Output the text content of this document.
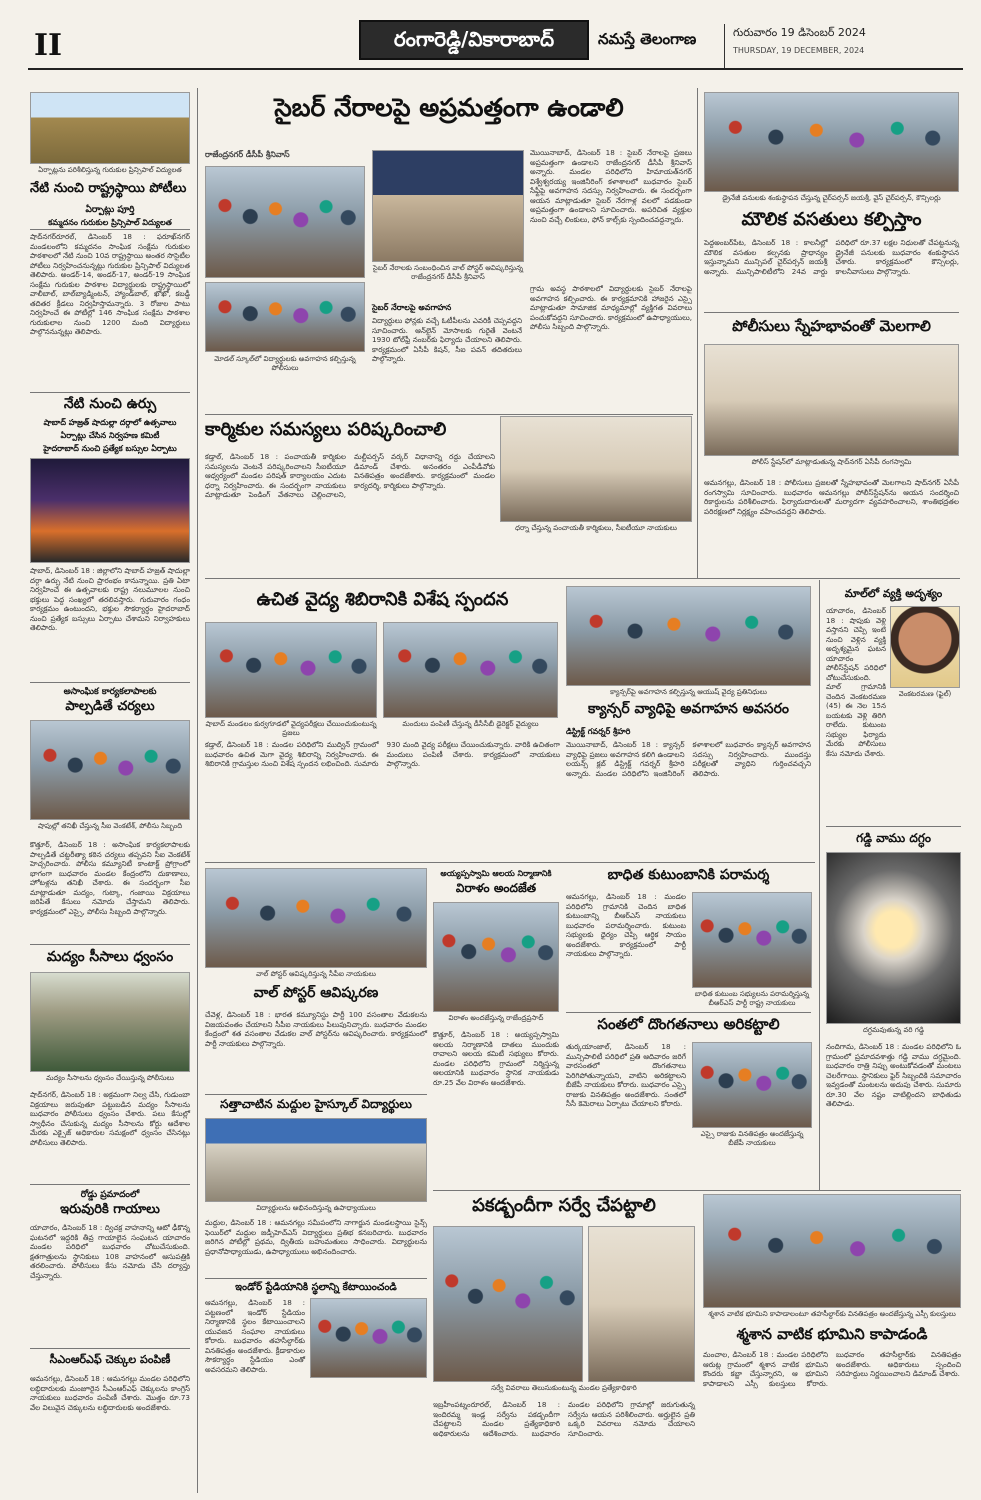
II	రంగారెడ్డి/వికారాబాద్	నమస్తే తెలంగాణ	గురువారం 19 డిసెంబర్ 2024
THURSDAY, 19 DECEMBER, 2024
ఏర్పాట్లను పరిశీలిస్తున్న గురుకుల ప్రిన్సిపాల్ విద్యులత
నేటి నుంచి రాష్ట్రస్థాయి పోటీలు
ఏర్పాట్లు పూర్తి
కమ్మదనం గురుకుల ప్రిన్సిపాల్ విద్యులత
షాద్‌నగర్‌రూరల్, డిసెంబర్ 18 : ఫరూఖ్‌నగర్ మండలంలోని కమ్మదనం సాంఘిక సంక్షేమ గురుకుల పాఠశాలలో నేటి నుంచి 10వ రాష్ట్రస్థాయి అంతర సొసైటీల పోటీలు నిర్వహించనున్నట్లు గురుకుల ప్రిన్సిపాల్ విద్యులత తెలిపారు. అండర్-14, అండర్-17, అండర్-19 సాంఘిక సంక్షేమ గురుకుల పాఠశాల విద్యార్థులకు రాష్ట్రస్థాయిలో వాలీబాల్, బాల్‌బ్యాడ్మింటన్, హ్యాండ్‌బాల్, ఖోఖో, కబడ్డీ తదితర క్రీడలు నిర్వహిస్తామన్నారు. 3 రోజుల పాటు నిర్వహించే ఈ పోటీల్లో 146 సాంఘిక సంక్షేమ పాఠశాల గురుకులాల నుంచి 1200 మంది విద్యార్థులు పాల్గొననున్నట్లు తెలిపారు.
నేటి నుంచి ఉర్సు
షాబాద్ హజ్రత్ షాదుల్లా దర్గాలో ఉత్సవాలు
ఏర్పాట్లు చేసిన నిర్వహణ కమిటీ
హైదరాబాద్ నుంచి ప్రత్యేక బస్సుల ఏర్పాటు
షాబాద్, డిసెంబర్ 18 : జిల్లాలోని షాబాద్ హజ్రత్ షాదుల్లా దర్గా ఉర్సు నేటి నుంచి ప్రారంభం కానున్నాయి. ప్రతి ఏటా నిర్వహించే ఈ ఉత్సవాలకు రాష్ట్ర నలుమూలల నుంచి భక్తులు పెద్ద సంఖ్యలో తరలివస్తారు. గురువారం గంధం కార్యక్రమం ఉంటుందని, భక్తుల సౌకర్యార్థం హైదరాబాద్ నుంచి ప్రత్యేక బస్సులు ఏర్పాటు చేశామని నిర్వాహకులు తెలిపారు.
అసాంఘిక కార్యకలాపాలకు
పాల్పడితే చర్యలు
షాపుల్లో తనిఖీ చేస్తున్న సీఐ వెంకటేశ్, పోలీసు సిబ్బంది
కొత్తూర్, డిసెంబర్ 18 : అసాంఘిక కార్యకలాపాలకు పాల్పడితే చట్టరీత్యా కఠిన చర్యలు తప్పవని సీఐ వెంకటేశ్ హెచ్చరించారు. పోలీసు కమ్యూనిటీ కాంటాక్ట్ ప్రోగ్రాంలో భాగంగా బుధవారం మండల కేంద్రంలోని దుకాణాలు, హోటళ్లను తనిఖీ చేశారు. ఈ సందర్భంగా సీఐ మాట్లాడుతూ మద్యం, గుట్కా, గంజాయి విక్రయాలు జరిపితే కేసులు నమోదు చేస్తామని తెలిపారు. కార్యక్రమంలో ఎస్సై, పోలీసు సిబ్బంది పాల్గొన్నారు.
మద్యం సీసాలు ధ్వంసం
మద్యం సీసాలను ధ్వంసం చేయిస్తున్న పోలీసులు
షాద్‌నగర్, డిసెంబర్ 18 : అక్రమంగా నిల్వ చేసి, గుడుంబా విక్రయాలు జరుపుతూ పట్టుబడిన మద్యం సీసాలను బుధవారం పోలీసులు ధ్వంసం చేశారు. పలు కేసుల్లో స్వాధీనం చేసుకున్న మద్యం సీసాలను కోర్టు ఆదేశాల మేరకు ఎక్సైజ్ అధికారుల సమక్షంలో ధ్వంసం చేసినట్లు పోలీసులు తెలిపారు.
రోడ్డు ప్రమాదంలో
ఇరువురికి గాయాలు
యాచారం, డిసెంబర్ 18 : ద్విచక్ర వాహనాన్ని ఆటో ఢీకొన్న ఘటనలో ఇద్దరికి తీవ్ర గాయాలైన సంఘటన యాచారం మండల పరిధిలో బుధవారం చోటుచేసుకుంది. క్షతగాత్రులను స్థానికులు 108 వాహనంలో ఆసుపత్రికి తరలించారు. పోలీసులు కేసు నమోదు చేసి దర్యాప్తు చేస్తున్నారు.
సీఎంఆర్‌ఎఫ్ చెక్కుల పంపిణీ
ఆమనగల్లు, డిసెంబర్ 18 : ఆమనగల్లు మండల పరిధిలోని లబ్ధిదారులకు మంజూరైన సీఎంఆర్‌ఎఫ్ చెక్కులను కాంగ్రెస్ నాయకులు బుధవారం పంపిణీ చేశారు. మొత్తం రూ.73 వేల విలువైన చెక్కులను లబ్ధిదారులకు అందజేశారు.
సైబర్ నేరాలపై అప్రమత్తంగా ఉండాలి
రాజేంద్రనగర్ డీసీపీ శ్రీనివాస్	మొయినాబాద్, డిసెంబర్ 18 : సైబర్ నేరాలపై ప్రజలు అప్రమత్తంగా ఉండాలని రాజేంద్రనగర్ డీసీపీ శ్రీనివాస్ అన్నారు. మండల పరిధిలోని హిమాయత్‌నగర్ విశ్వేశ్వరయ్య ఇంజినీరింగ్ కళాశాలలో బుధవారం సైబర్ సేఫ్టీపై అవగాహన సదస్సు నిర్వహించారు. ఈ సందర్భంగా ఆయన మాట్లాడుతూ సైబర్ నేరగాళ్ల వలలో పడకుండా అప్రమత్తంగా ఉండాలని సూచించారు. అపరిచిత వ్యక్తుల నుంచి వచ్చే లింకులు, ఫోన్ కాల్స్‌కు స్పందించవద్దన్నారు.
సైబర్ నేరాలకు సంబంధించిన వాల్ పోస్టర్ ఆవిష్కరిస్తున్న రాజేంద్రనగర్ డీసీపీ శ్రీనివాస్
మోడల్ స్కూల్‌లో విద్యార్థులకు అవగాహన కల్పిస్తున్న పోలీసులు
సైబర్ నేరాలపై అవగాహన
విద్యార్థులు ఫోన్లకు వచ్చే ఓటీపీలను ఎవరికీ చెప్పవద్దని సూచించారు. ఆన్‌లైన్ మోసాలకు గురైతే వెంటనే 1930 టోల్‌ఫ్రీ నంబర్‌కు ఫిర్యాదు చేయాలని తెలిపారు. కార్యక్రమంలో ఏసీపీ కిషన్, సీఐ పవన్ తదితరులు పాల్గొన్నారు.
గ్రామ అవస్థ పాఠశాలలో విద్యార్థులకు సైబర్ నేరాలపై అవగాహన కల్పించారు. ఈ కార్యక్రమానికి హాజరైన ఎస్సై మాట్లాడుతూ సామాజిక మాధ్యమాల్లో వ్యక్తిగత వివరాలు పంచుకోవద్దని సూచించారు. కార్యక్రమంలో ఉపాధ్యాయులు, పోలీసు సిబ్బంది పాల్గొన్నారు.
కార్మికుల సమస్యలు పరిష్కరించాలి
ధర్నా చేస్తున్న పంచాయతీ కార్మికులు, సీఐటీయూ నాయకులు
కడ్తాల్, డిసెంబర్ 18 : పంచాయతీ కార్మికుల సమస్యలను వెంటనే పరిష్కరించాలని సీఐటీయూ ఆధ్వర్యంలో మండల పరిషత్ కార్యాలయం ఎదుట ధర్నా నిర్వహించారు. ఈ సందర్భంగా నాయకులు మాట్లాడుతూ పెండింగ్ వేతనాలు చెల్లించాలని, మల్టీపర్పస్ వర్కర్ విధానాన్ని రద్దు చేయాలని డిమాండ్ చేశారు. అనంతరం ఎంపీడీవోకు వినతిపత్రం అందజేశారు. కార్యక్రమంలో మండల కార్యదర్శి, కార్మికులు పాల్గొన్నారు.
డ్రైనేజీ పనులకు శంకుస్థాపన చేస్తున్న చైర్‌పర్సన్ జయశ్రీ, వైస్ చైర్‌పర్సన్, కౌన్సిలర్లు
మౌలిక వసతులు కల్పిస్తాం
పెద్దఅంబర్‌పేట, డిసెంబర్ 18 : కాలనీల్లో మౌలిక వసతుల కల్పనకు ప్రాధాన్యం ఇస్తున్నామని మున్సిపల్ చైర్‌పర్సన్ జయశ్రీ అన్నారు. మున్సిపాలిటీలోని 24వ వార్డు పరిధిలో రూ.37 లక్షల నిధులతో చేపట్టనున్న డ్రైనేజీ పనులకు బుధవారం శంకుస్థాపన చేశారు. కార్యక్రమంలో కౌన్సిలర్లు, కాలనీవాసులు పాల్గొన్నారు.
పోలీసులు స్నేహభావంతో మెలగాలి
పోలీస్ స్టేషన్‌లో మాట్లాడుతున్న షాద్‌నగర్ ఏసీపీ రంగస్వామి
ఆమనగల్లు, డిసెంబర్ 18 : పోలీసులు ప్రజలతో స్నేహభావంతో మెలగాలని షాద్‌నగర్ ఏసీపీ రంగస్వామి సూచించారు. బుధవారం ఆమనగల్లు పోలీస్‌స్టేషన్‌ను ఆయన సందర్శించి రికార్డులను పరిశీలించారు. ఫిర్యాదుదారులతో మర్యాదగా వ్యవహరించాలని, శాంతిభద్రతల పరిరక్షణలో నిర్లక్ష్యం వహించవద్దని తెలిపారు.
ఉచిత వైద్య శిబిరానికి విశేష స్పందన
షాబాద్ మండలం కుర్వగూడలో వైద్యపరీక్షలు చేయించుకుంటున్న ప్రజలు
మందులు పంపిణీ చేస్తున్న డీసీసీబీ డైరెక్టర్ వైద్యులు
కడ్తాల్, డిసెంబర్ 18 : మండల పరిధిలోని ముద్విన్ గ్రామంలో బుధవారం ఉచిత మెగా వైద్య శిబిరాన్ని నిర్వహించారు. ఈ శిబిరానికి గ్రామస్తుల నుంచి విశేష స్పందన లభించింది. సుమారు 930 మంది వైద్య పరీక్షలు చేయించుకున్నారు. వారికి ఉచితంగా మందులు పంపిణీ చేశారు. కార్యక్రమంలో నాయకులు పాల్గొన్నారు.
క్యాన్సర్‌పై అవగాహన కల్పిస్తున్న ఆయుష్ వైద్య ప్రతినిధులు
క్యాన్సర్ వ్యాధిపై అవగాహన అవసరం
డిస్ట్రిక్ట్ గవర్నర్ శ్రీహరి
మొయినాబాద్, డిసెంబర్ 18 : క్యాన్సర్ వ్యాధిపై ప్రజలు అవగాహన కలిగి ఉండాలని లయన్స్ క్లబ్ డిస్ట్రిక్ట్ గవర్నర్ శ్రీహరి అన్నారు. మండల పరిధిలోని ఇంజినీరింగ్ కళాశాలలో బుధవారం క్యాన్సర్ అవగాహన సదస్సు నిర్వహించారు. ముందస్తు పరీక్షలతో వ్యాధిని గుర్తించవచ్చని తెలిపారు.
మాల్‌లో వ్యక్తి అదృశ్యం
వెంకటరమణ (ఫైల్)
యాచారం, డిసెంబర్ 18 : షాపుకు వెళ్లి వస్తానని చెప్పి ఇంటి నుంచి వెళ్లిన వ్యక్తి అదృశ్యమైన ఘటన యాచారం పోలీస్‌స్టేషన్ పరిధిలో చోటుచేసుకుంది. మాల్ గ్రామానికి చెందిన వెంకటరమణ (45) ఈ నెల 15న బయటకు వెళ్లి తిరిగి రాలేదు. కుటుంబ సభ్యుల ఫిర్యాదు మేరకు పోలీసులు కేసు నమోదు చేశారు.
గడ్డి వాము దగ్ధం
దగ్ధమవుతున్న వరి గడ్డి
నందిగామ, డిసెంబర్ 18 : మండల పరిధిలోని ఓ గ్రామంలో ప్రమాదవశాత్తు గడ్డి వాము దగ్ధమైంది. బుధవారం రాత్రి నిప్పు అంటుకోవడంతో మంటలు చెలరేగాయి. స్థానికులు ఫైర్ సిబ్బందికి సమాచారం ఇవ్వడంతో మంటలను అదుపు చేశారు. సుమారు రూ.30 వేల నష్టం వాటిల్లిందని బాధితుడు తెలిపాడు.
వాల్ పోస్టర్ ఆవిష్కరిస్తున్న సీపీఐ నాయకులు
వాల్ పోస్టర్ ఆవిష్కరణ
చేవెళ్ల, డిసెంబర్ 18 : భారత కమ్యూనిస్టు పార్టీ 100 వసంతాల వేడుకలను విజయవంతం చేయాలని సీపీఐ నాయకులు పిలుపునిచ్చారు. బుధవారం మండల కేంద్రంలో శత వసంతాల వేడుకల వాల్ పోస్టర్‌ను ఆవిష్కరించారు. కార్యక్రమంలో పార్టీ నాయకులు పాల్గొన్నారు.
అయ్యప్పస్వామి ఆలయ నిర్మాణానికి
విరాళం అందజేత
విరాళం అందజేస్తున్న రాజేంద్రప్రసాద్
కొత్తూర్, డిసెంబర్ 18 : అయ్యప్పస్వామి ఆలయ నిర్మాణానికి దాతలు ముందుకు రావాలని ఆలయ కమిటీ సభ్యులు కోరారు. మండల పరిధిలోని గ్రామంలో నిర్మిస్తున్న ఆలయానికి బుధవారం స్థానిక నాయకుడు రూ.25 వేల విరాళం అందజేశారు.
బాధిత కుటుంబానికి పరామర్శ
ఆమనగల్లు, డిసెంబర్ 18 : మండల పరిధిలోని గ్రామానికి చెందిన బాధిత కుటుంబాన్ని బీఆర్‌ఎస్ నాయకులు బుధవారం పరామర్శించారు. కుటుంబ సభ్యులకు ధైర్యం చెప్పి ఆర్థిక సాయం అందజేశారు. కార్యక్రమంలో పార్టీ నాయకులు పాల్గొన్నారు.
బాధిత కుటుంబ సభ్యులను పరామర్శిస్తున్న బీఆర్‌ఎస్ పార్టీ రాష్ట్ర నాయకులు
సత్తాచాటిన మద్దుల హైస్కూల్ విద్యార్థులు
విద్యార్థులను అభినందిస్తున్న ఉపాధ్యాయులు
మద్దుల, డిసెంబర్ 18 : ఆమనగల్లు సమీపంలోని నాగార్జున మండలస్థాయి సైన్స్ ఫెయిర్‌లో మద్దుల జడ్పీహెచ్‌ఎస్ విద్యార్థులు ప్రతిభ కనబరిచారు. బుధవారం జరిగిన పోటీల్లో ప్రథమ, ద్వితీయ బహుమతులు సాధించారు. విద్యార్థులను ప్రధానోపాధ్యాయుడు, ఉపాధ్యాయులు అభినందించారు.
సంతలో దొంగతనాలు అరికట్టాలి
తుర్కయాంజాల్, డిసెంబర్ 18 : మున్సిపాలిటీ పరిధిలో ప్రతి ఆదివారం జరిగే వారసంతలో దొంగతనాలు పెరిగిపోతున్నాయని, వాటిని అరికట్టాలని బీజేపీ నాయకులు కోరారు. బుధవారం ఎస్సై రాజుకు వినతిపత్రం అందజేశారు. సంతలో సీసీ కెమెరాలు ఏర్పాటు చేయాలని కోరారు.
ఎస్సై రాజుకు వినతిపత్రం అందజేస్తున్న బీజేపీ నాయకులు
ఇండోర్ స్టేడియానికి స్థలాన్ని కేటాయించండి
ఆమనగల్లు, డిసెంబర్ 18 : పట్టణంలో ఇండోర్ స్టేడియం నిర్మాణానికి స్థలం కేటాయించాలని యువజన సంఘాల నాయకులు కోరారు. బుధవారం తహసీల్దార్‌కు వినతిపత్రం అందజేశారు. క్రీడాకారుల సౌకర్యార్థం స్టేడియం ఎంతో అవసరమని తెలిపారు.
పకడ్బందీగా సర్వే చేపట్టాలి
సర్వే వివరాలు తెలుసుకుంటున్న మండల ప్రత్యేకాధికారి
ఇబ్రహీంపట్నంరూరల్, డిసెంబర్ 18 : ఇందిరమ్మ ఇండ్ల సర్వేను పకడ్బందీగా చేపట్టాలని మండల ప్రత్యేకాధికారి అధికారులను ఆదేశించారు. బుధవారం మండల పరిధిలోని గ్రామాల్లో జరుగుతున్న సర్వేను ఆయన పరిశీలించారు. అర్హులైన ప్రతి ఒక్కరి వివరాలు నమోదు చేయాలని సూచించారు.
శ్మశాన వాటిక భూమిని కాపాడాలంటూ తహసీల్దార్‌కు వినతిపత్రం అందజేస్తున్న ఎస్సీ కులస్తులు
శ్మశాన వాటిక భూమిని కాపాడండి
మంచాల, డిసెంబర్ 18 : మండల పరిధిలోని ఆరుట్ల గ్రామంలో శ్మశాన వాటిక భూమిని కొందరు కబ్జా చేస్తున్నారని, ఆ భూమిని కాపాడాలని ఎస్సీ కులస్తులు కోరారు. బుధవారం తహసీల్దార్‌కు వినతిపత్రం అందజేశారు. అధికారులు స్పందించి సరిహద్దులు నిర్ణయించాలని డిమాండ్ చేశారు.
